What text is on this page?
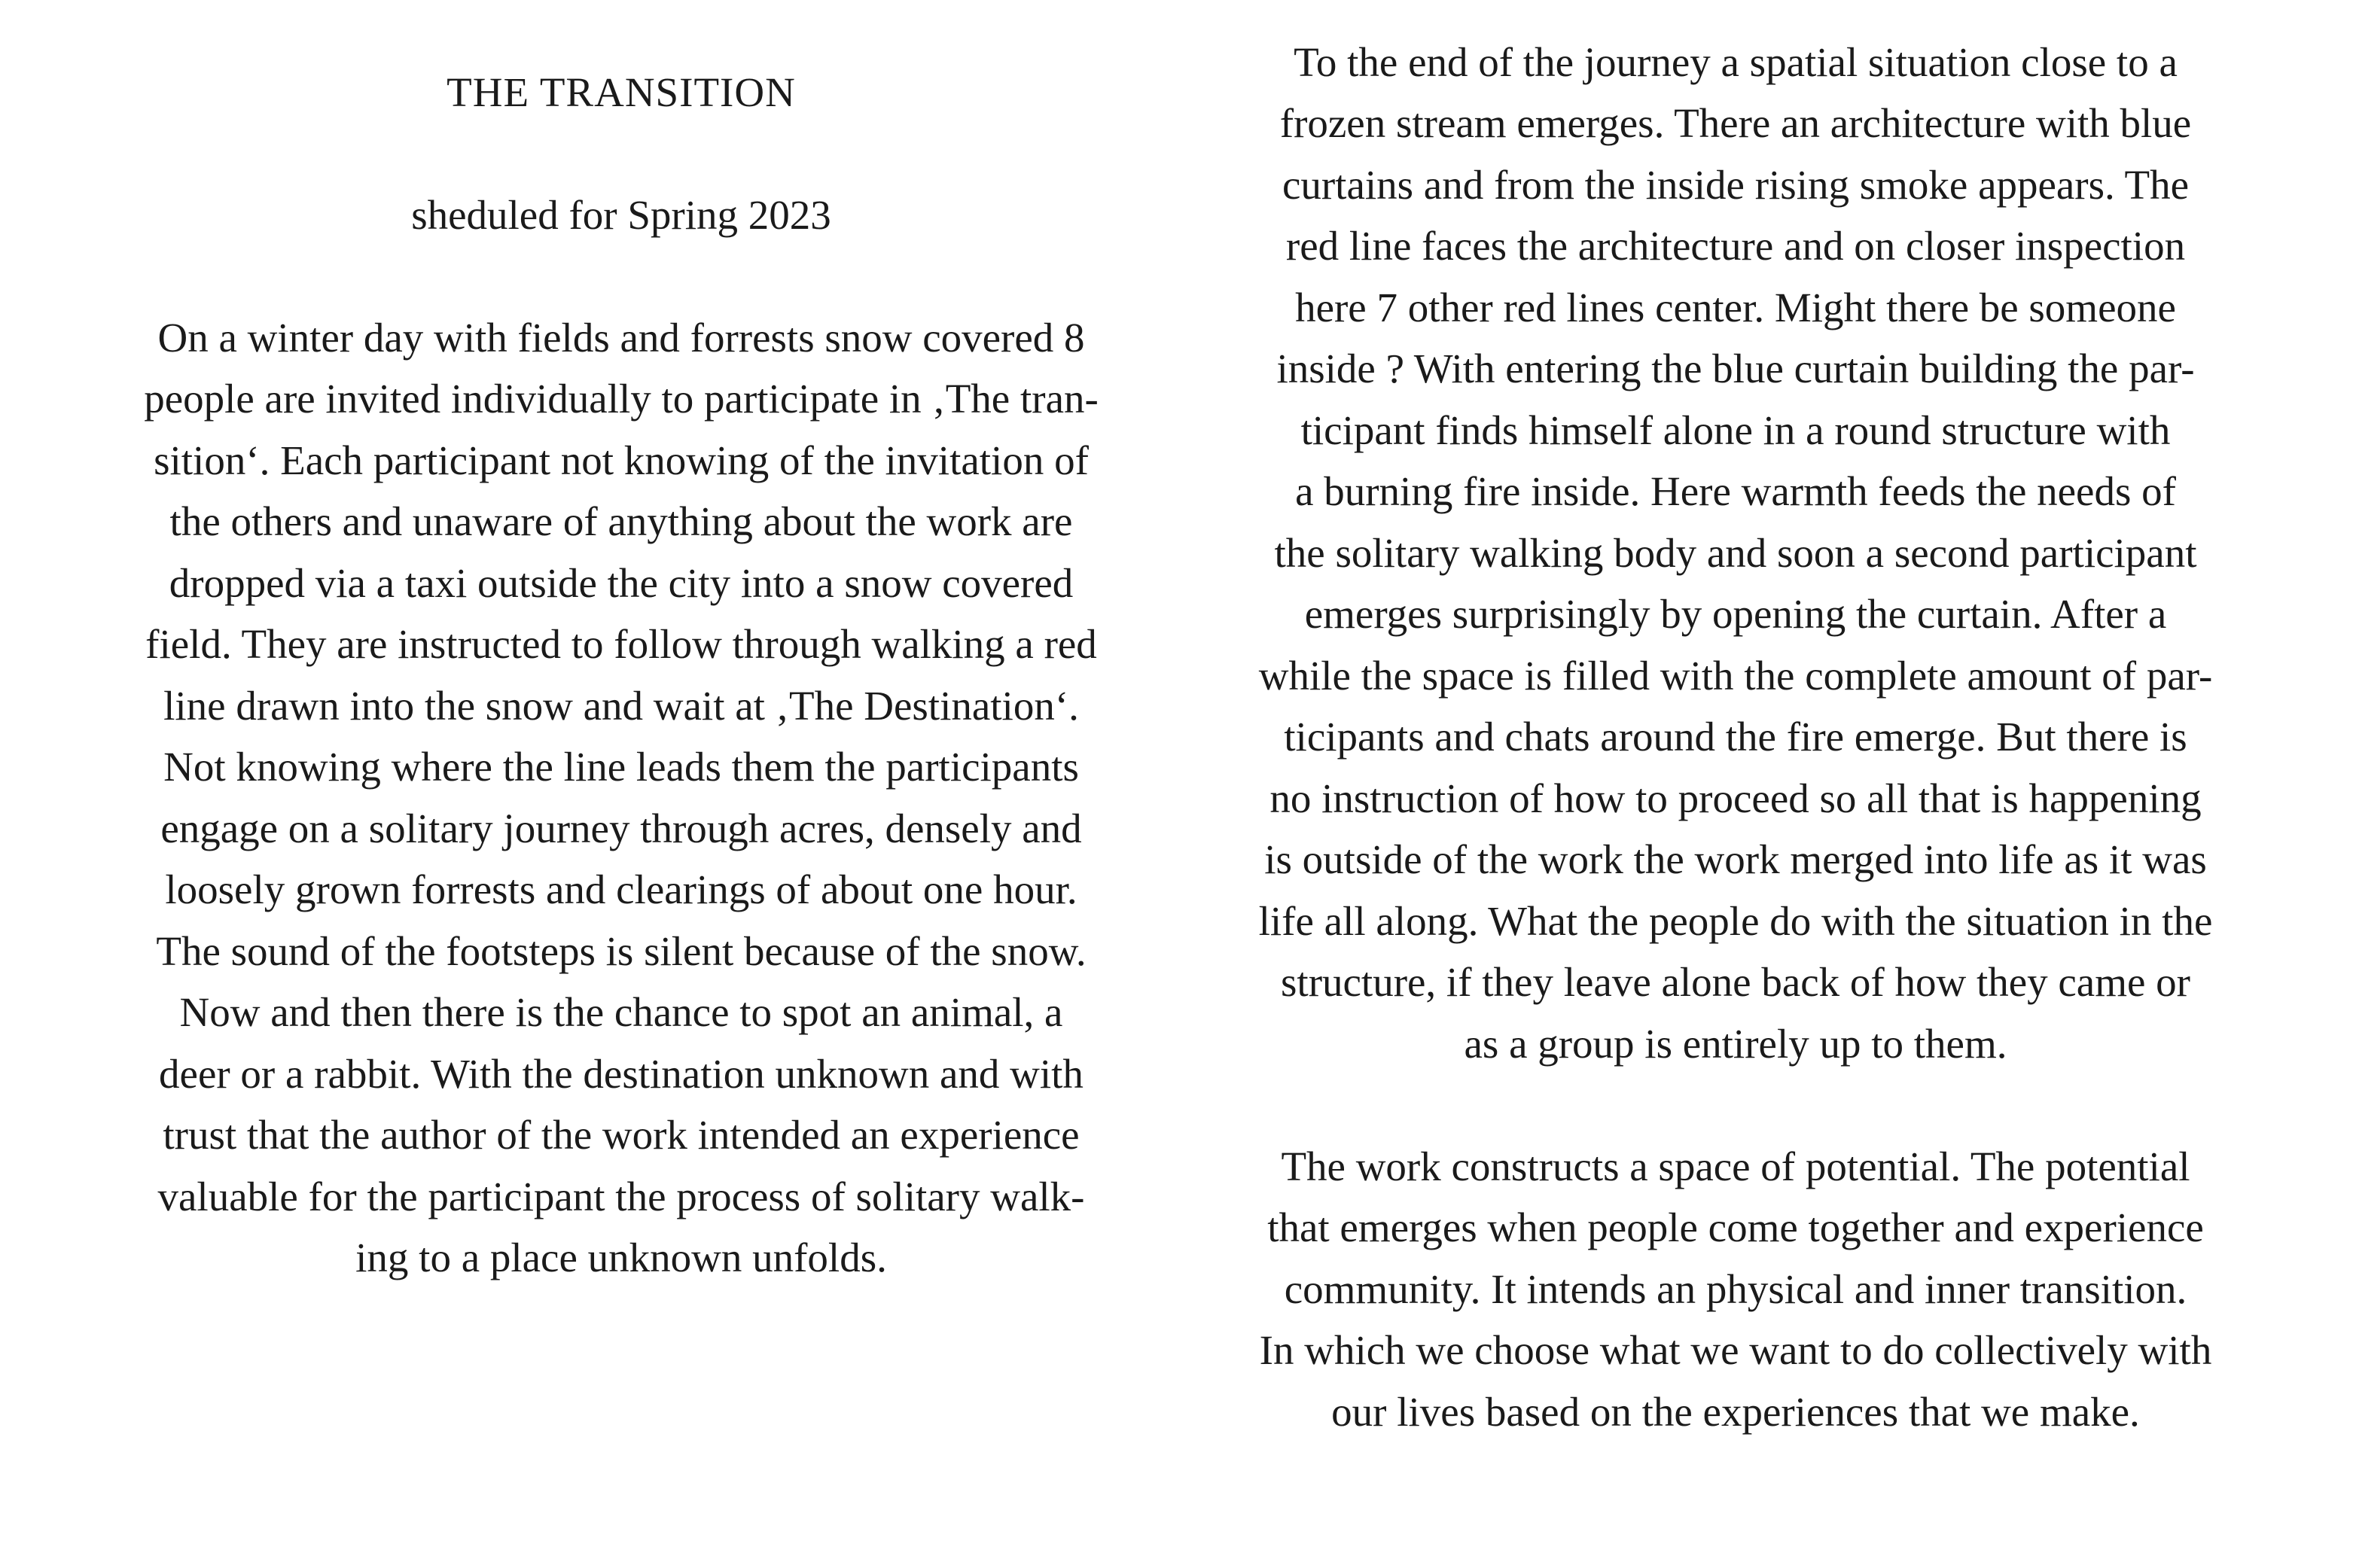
THE TRANSITION
sheduled for Spring 2023
On a winter day with fields and forrests snow covered 8
people are invited individually to participate in ‚The tran-
sition‘. Each participant not knowing of the invitation of
the others and unaware of anything about the work are
dropped via a taxi outside the city into a snow covered
field. They are instructed to follow through walking a red
line drawn into the snow and wait at ‚The Destination‘.
Not knowing where the line leads them the participants
engage on a solitary journey through acres, densely and
loosely grown forrests and clearings of about one hour.
The sound of the footsteps is silent because of the snow.
Now and then there is the chance to spot an animal, a
deer or a rabbit. With the destination unknown and with
trust that the author of the work intended an experience
valuable for the participant the process of solitary walk-
ing to a place unknown unfolds.
To the end of the journey a spatial situation close to a
frozen stream emerges. There an architecture with blue
curtains and from the inside rising smoke appears. The
red line faces the architecture and on closer inspection
here 7 other red lines center. Might there be someone
inside ? With entering the blue curtain building the par-
ticipant finds himself alone in a round structure with
a burning fire inside. Here warmth feeds the needs of
the solitary walking body and soon a second participant
emerges surprisingly by opening the curtain. After a
while the space is filled with the complete amount of par-
ticipants and chats around the fire emerge. But there is
no instruction of how to proceed so all that is happening
is outside of the work the work merged into life as it was
life all along. What the people do with the situation in the
structure, if they leave alone back of how they came or
as a group is entirely up to them.
The work constructs a space of potential. The potential
that emerges when people come together and experience
community. It intends an physical and inner transition.
In which we choose what we want to do collectively with
our lives based on the experiences that we make.
